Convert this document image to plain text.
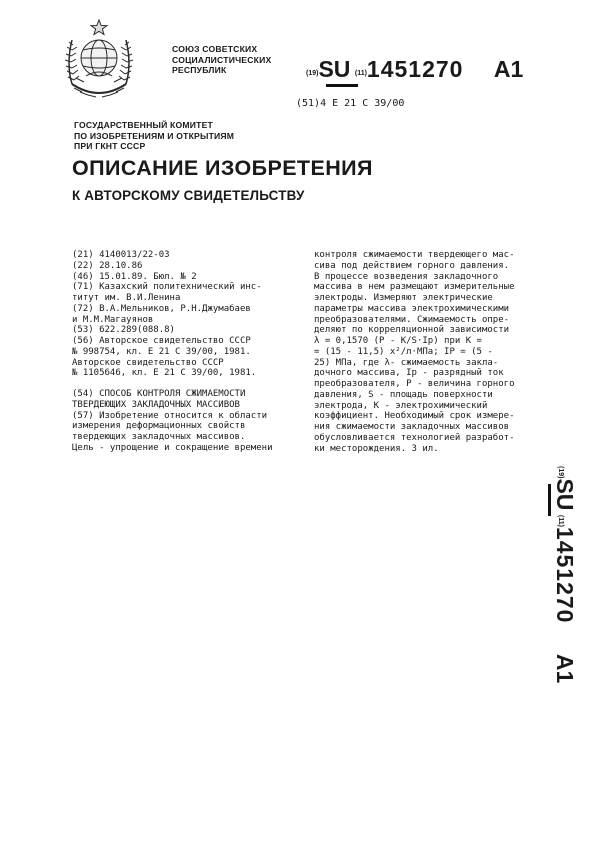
СОЮЗ СОВЕТСКИХ
СОЦИАЛИСТИЧЕСКИХ
РЕСПУБЛИК	(19)SU (11)1451270 A1
(51)4 Е 21 С 39/00
ГОСУДАРСТВЕННЫЙ КОМИТЕТ
ПО ИЗОБРЕТЕНИЯМ И ОТКРЫТИЯМ
ПРИ ГКНТ СССР
ОПИСАНИЕ ИЗОБРЕТЕНИЯ
К АВТОРСКОМУ СВИДЕТЕЛЬСТВУ
(21) 4140013/22-03
(22) 28.10.86
(46) 15.01.89. Бюл. № 2
(71) Казахский политехнический инс-
титут им. В.И.Ленина
(72) В.А.Мельников, Р.Н.Джумабаев
и М.М.Магауянов
(53) 622.289(088.8)
(56) Авторское свидетельство СССР
№ 998754, кл. Е 21 С 39/00, 1981.
Авторское свидетельство СССР
№ 1105646, кл. Е 21 С 39/00, 1981.
(54) СПОСОБ КОНТРОЛЯ СЖИМАЕМОСТИ
ТВЕРДЕЮЩИХ ЗАКЛАДОЧНЫХ МАССИВОВ
(57) Изобретение относится к области
измерения деформационных свойств
твердеющих закладочных массивов.
Цель - упрощение и сокращение времени
контроля сжимаемости твердеющего мас-
сива под действием горного давления.
В процессе возведения закладочного
массива в нем размещают измерительные
электроды. Измеряют электрические
параметры массива электрохимическими
преобразователями. Сжимаемость опре-
деляют по корреляционной зависимости
λ = 0,1570 (P - K/S·Iр) при K =
= (15 - 11,5) x²/л·МПа; IP = (5 -
25) МПа, где λ- сжимаемость закла-
дочного массива, Iр - разрядный ток
преобразователя, P - величина горного
давления, S - площадь поверхности
электрода, K - электрохимический
коэффициент. Необходимый срок измере-
ния сжимаемости закладочных массивов
обусловливается технологией разработ-
ки месторождения. 3 ил.
(19)SU (11)1451270 A1
